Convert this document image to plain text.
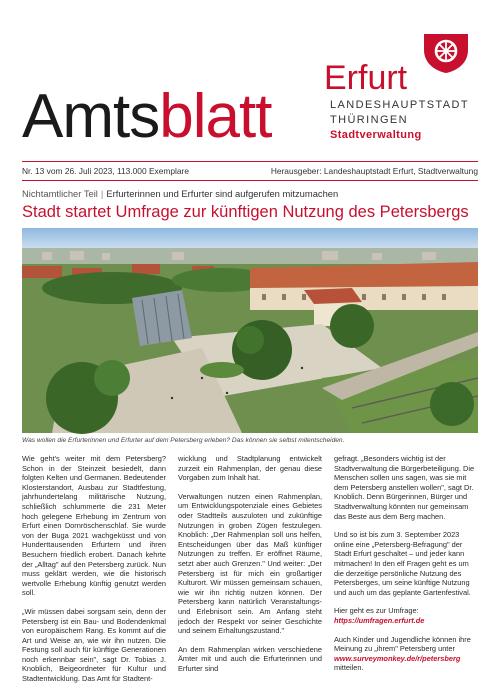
Amtsblatt
Erfurt
LANDESHAUPTSTADT
THÜRINGEN
Stadtverwaltung
Nr. 13 vom 26. Juli 2023, 113.000 Exemplare	Herausgeber: Landeshauptstadt Erfurt, Stadtverwaltung
Nichtamtlicher Teil | Erfurterinnen und Erfurter sind aufgerufen mitzumachen
Stadt startet Umfrage zur künftigen Nutzung des Petersbergs
Was wollen die Erfurterinnen und Erfurter auf dem Petersberg erleben? Das können sie selbst mitentscheiden.

Wie geht's weiter mit dem Petersberg? Schon in der Steinzeit besiedelt, dann folgten Kelten und Germanen. Bedeutender Klosterstandort, Ausbau zur Stadtfestung, jahrhundertelang militärische Nutzung, schließlich schlummerte die 231 Meter hoch gelegene Erhebung im Zentrum von Erfurt einen Dornröschenschlaf. Sie wurde von der Buga 2021 wachgeküsst und von Hunderttausenden Erfurtern und ihren Besuchern friedlich erobert. Danach kehrte der „Alltag" auf den Petersberg zurück. Nun muss geklärt werden, wie die historisch wertvolle Erhebung künftig genutzt werden soll.

„Wir müssen dabei sorgsam sein, denn der Petersberg ist ein Bau- und Bodendenkmal von europäischem Rang. Es kommt auf die Art und Weise an, wie wir ihn nutzen. Die Festung soll auch für künftige Generationen noch erkennbar sein", sagt Dr. Tobias J. Knoblich, Beigeordneter für Kultur und Stadtentwicklung. Das Amt für Stadtent-

wicklung und Stadtplanung entwickelt zurzeit ein Rahmenplan, der genau diese Vorgaben zum Inhalt hat.

Verwaltungen nutzen einen Rahmenplan, um Entwicklungspotenziale eines Gebietes oder Stadtteils auszuloten und zukünftige Nutzungen in groben Zügen festzulegen. Knoblich: „Der Rahmenplan soll uns helfen, Entscheidungen über das Maß künftiger Nutzungen zu treffen. Er eröffnet Räume, setzt aber auch Grenzen." Und weiter: „Der Petersberg ist für mich ein großartiger Kulturort. Wir müssen gemeinsam schauen, wie wir ihn richtig nutzen können. Der Petersberg kann natürlich Veranstaltungs- und Erlebnisort sein. Am Anfang steht jedoch der Respekt vor seiner Geschichte und seinem Erhaltungszustand."

An dem Rahmenplan wirken verschiedene Ämter mit und auch die Erfurterinnen und Erfurter sind

gefragt. „Besonders wichtig ist der Stadtverwaltung die Bürgerbeteiligung. Die Menschen sollen uns sagen, was sie mit dem Petersberg anstellen wollen", sagt Dr. Knoblich. Denn Bürgerinnen, Bürger und Stadtverwaltung könnten nur gemeinsam das Beste aus dem Berg machen.

Und so ist bis zum 3. September 2023 online eine „Petersberg-Befragung" der Stadt Erfurt geschaltet – und jeder kann mitmachen! In den elf Fragen geht es um die derzeitige persönliche Nutzung des Petersberges, um seine künftige Nutzung und auch um das geplante Gartenfestival.

Hier geht es zur Umfrage:
https://umfragen.erfurt.de

Auch Kinder und Jugendliche können ihre Meinung zu „ihrem" Petersberg unter
www.surveymonkey.de/r/petersberg mitteilen.
